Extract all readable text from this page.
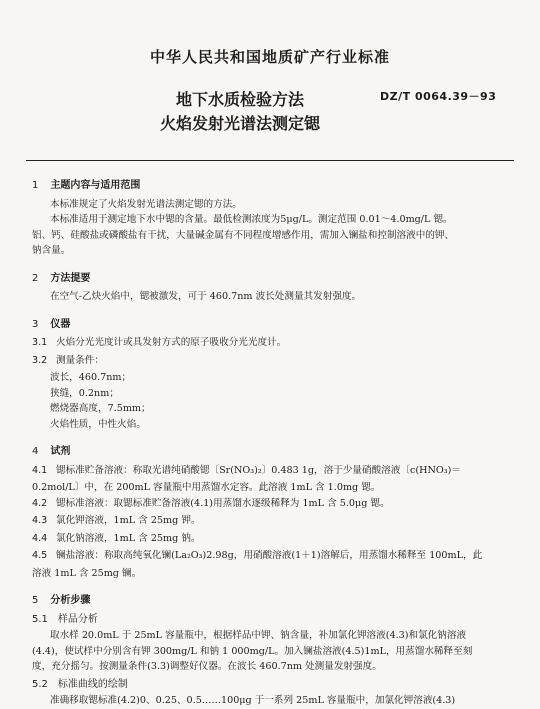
中华人民共和国地质矿产行业标准
地下水质检验方法
火焰发射光谱法测定锶
DZ/T 0064.39－93
1 主题内容与适用范围

本标准规定了火焰发射光谱法测定锶的方法。

本标准适用于测定地下水中锶的含量。最低检测浓度为5μg/L。测定范围 0.01～4.0mg/L 锶。

铝、钙、硅酸盐或磷酸盐有干扰，大量碱金属有不同程度增感作用，需加入镧盐和控制溶液中的钾、

钠含量。

2 方法提要

在空气-乙炔火焰中，锶被激发，可于 460.7nm 波长处测量其发射强度。

3 仪器
3.1 火焰分光光度计或具发射方式的原子吸收分光光度计。
3.2 测量条件：
波长，460.7nm；
狭缝，0.2nm；
燃烧器高度，7.5mm；
火焰性质，中性火焰。
4 试剂
4.1 锶标准贮备溶液：称取光谱纯硝酸锶〔Sr(NO₃)₂〕0.483 1g，溶于少量硝酸溶液〔c(HNO₃)＝

0.2mol/L〕中，在 200mL 容量瓶中用蒸馏水定容。此溶液 1mL 含 1.0mg 锶。

4.2 锶标准溶液：取锶标准贮备溶液(4.1)用蒸馏水逐级稀释为 1mL 含 5.0μg 锶。
4.3 氯化钾溶液，1mL 含 25mg 钾。
4.4 氯化钠溶液，1mL 含 25mg 钠。
4.5 镧盐溶液：称取高纯氧化镧(La₂O₃)2.98g，用硝酸溶液(1＋1)溶解后，用蒸馏水稀释至 100mL，此

溶液 1mL 含 25mg 镧。

5 分析步骤
5.1 样品分析

取水样 20.0mL 于 25mL 容量瓶中，根据样品中钾、钠含量，补加氯化钾溶液(4.3)和氯化钠溶液

(4.4)，使试样中分别含有钾 300mg/L 和钠 1 000mg/L。加入镧盐溶液(4.5)1mL，用蒸馏水稀释至刻

度，充分摇匀。按测量条件(3.3)调整好仪器。在波长 460.7nm 处测量发射强度。

5.2 标准曲线的绘制

准确移取锶标准(4.2)0、0.25、0.5……100μg 于一系列 25mL 容量瓶中，加氯化钾溶液(4.3)
